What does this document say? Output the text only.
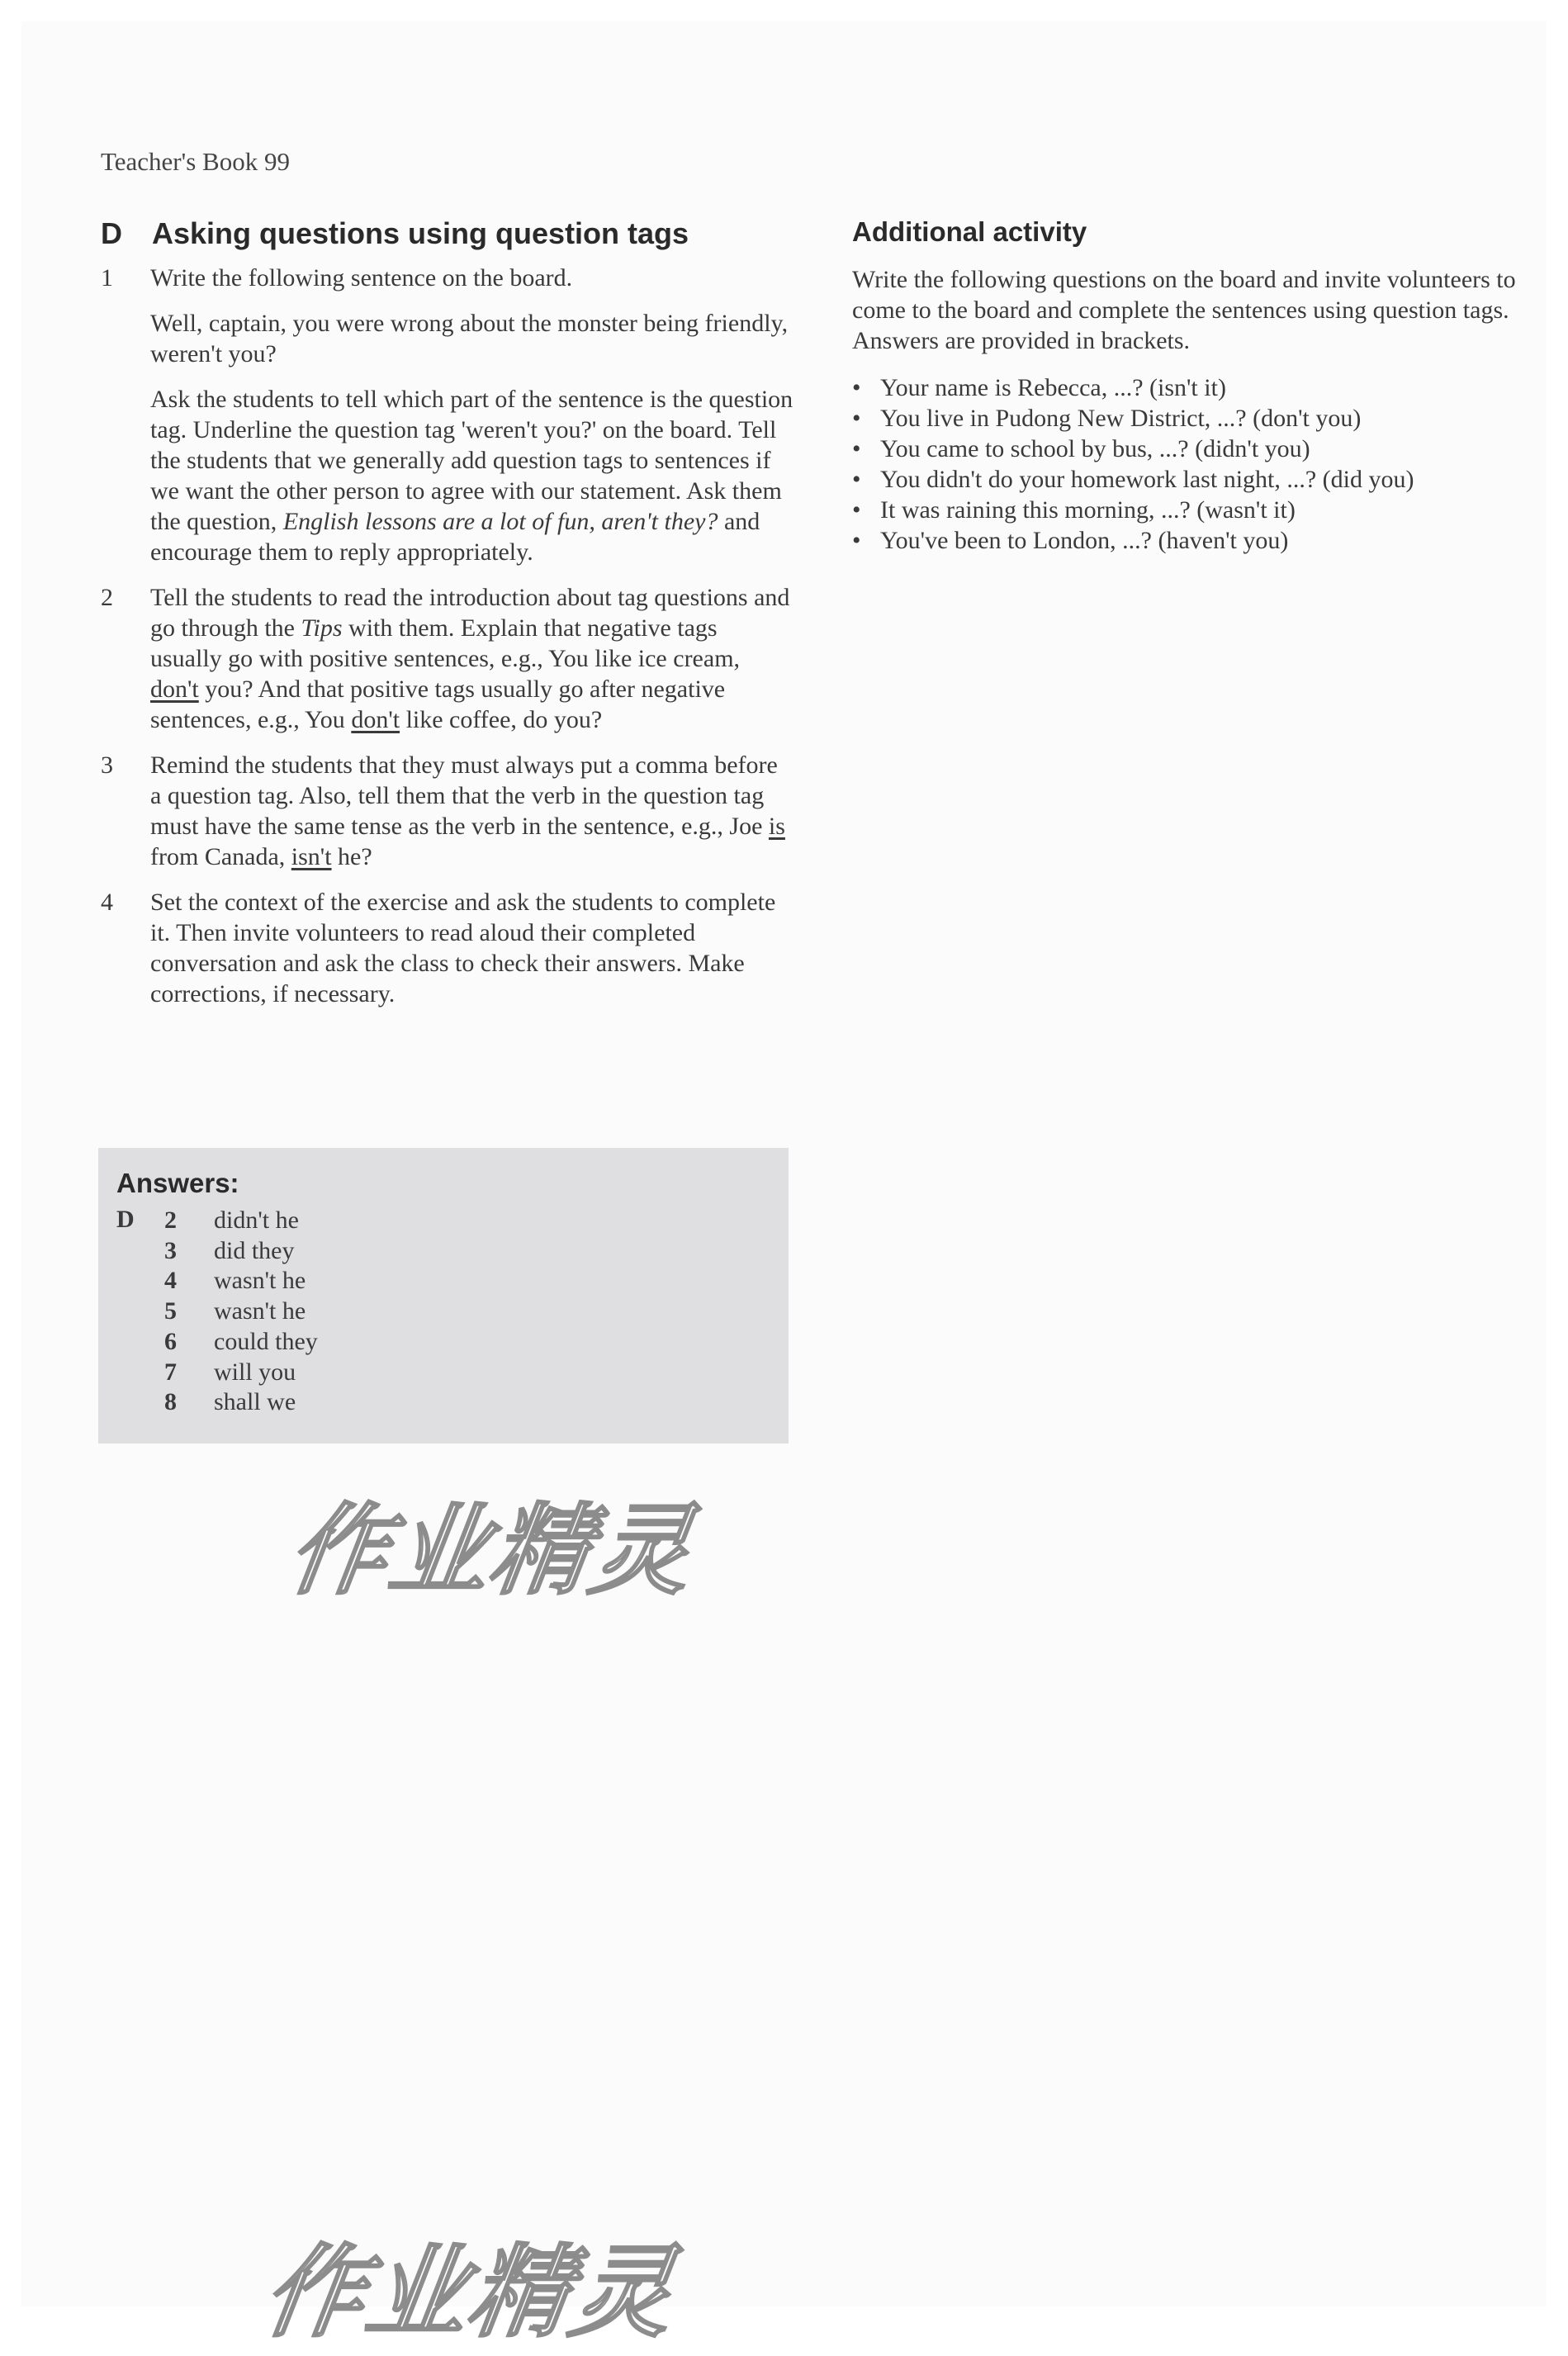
Teacher's Book 99
D	Asking questions using question tags
1	Write the following sentence on the board.

Well, captain, you were wrong about the monster being friendly, weren't you?

Ask the students to tell which part of the sentence is the question tag. Underline the question tag 'weren't you?' on the board. Tell the students that we generally add question tags to sentences if we want the other person to agree with our statement. Ask them the question, English lessons are a lot of fun, aren't they? and encourage them to reply appropriately.

2	Tell the students to read the introduction about tag questions and go through the Tips with them. Explain that negative tags usually go with positive sentences, e.g., You like ice cream, don't you? And that positive tags usually go after negative sentences, e.g., You don't like coffee, do you?

3	Remind the students that they must always put a comma before a question tag. Also, tell them that the verb in the question tag must have the same tense as the verb in the sentence, e.g., Joe is from Canada, isn't he?

4	Set the context of the exercise and ask the students to complete it. Then invite volunteers to read aloud their completed conversation and ask the class to check their answers. Make corrections, if necessary.

Answers:
D 2	didn't he
3	did they
4	wasn't he
5	wasn't he
6	could they
7	will you
8	shall we
Additional activity

Write the following questions on the board and invite volunteers to come to the board and complete the sentences using question tags. Answers are provided in brackets.

• Your name is Rebecca, ...? (isn't it)
• You live in Pudong New District, ...? (don't you)
• You came to school by bus, ...? (didn't you)
• You didn't do your homework last night, ...? (did you)
• It was raining this morning, ...? (wasn't it)
• You've been to London, ...? (haven't you)
作业精灵
作业精灵
